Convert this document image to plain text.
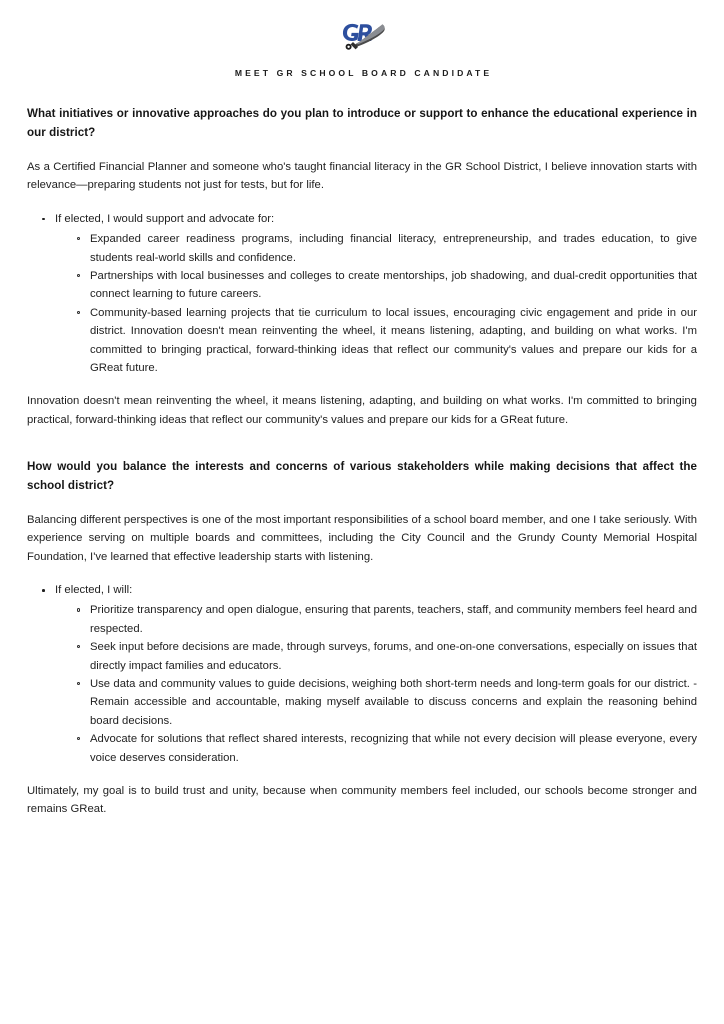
MEET GR SCHOOL BOARD CANDIDATE
What initiatives or innovative approaches do you plan to introduce or support to enhance the educational experience in our district?

As a Certified Financial Planner and someone who's taught financial literacy in the GR School District, I believe innovation starts with relevance—preparing students not just for tests, but for life.

If elected, I would support and advocate for:
Expanded career readiness programs, including financial literacy, entrepreneurship, and trades education, to give students real-world skills and confidence.
Partnerships with local businesses and colleges to create mentorships, job shadowing, and dual-credit opportunities that connect learning to future careers.
Community-based learning projects that tie curriculum to local issues, encouraging civic engagement and pride in our district. Innovation doesn't mean reinventing the wheel, it means listening, adapting, and building on what works. I'm committed to bringing practical, forward-thinking ideas that reflect our community's values and prepare our kids for a GReat future.

Innovation doesn't mean reinventing the wheel, it means listening, adapting, and building on what works. I'm committed to bringing practical, forward-thinking ideas that reflect our community's values and prepare our kids for a GReat future.

How would you balance the interests and concerns of various stakeholders while making decisions that affect the school district?

Balancing different perspectives is one of the most important responsibilities of a school board member, and one I take seriously. With experience serving on multiple boards and committees, including the City Council and the Grundy County Memorial Hospital Foundation, I've learned that effective leadership starts with listening.

If elected, I will:
Prioritize transparency and open dialogue, ensuring that parents, teachers, staff, and community members feel heard and respected.
Seek input before decisions are made, through surveys, forums, and one-on-one conversations, especially on issues that directly impact families and educators.
Use data and community values to guide decisions, weighing both short-term needs and long-term goals for our district. -Remain accessible and accountable, making myself available to discuss concerns and explain the reasoning behind board decisions.
Advocate for solutions that reflect shared interests, recognizing that while not every decision will please everyone, every voice deserves consideration.

Ultimately, my goal is to build trust and unity, because when community members feel included, our schools become stronger and remains GReat.
